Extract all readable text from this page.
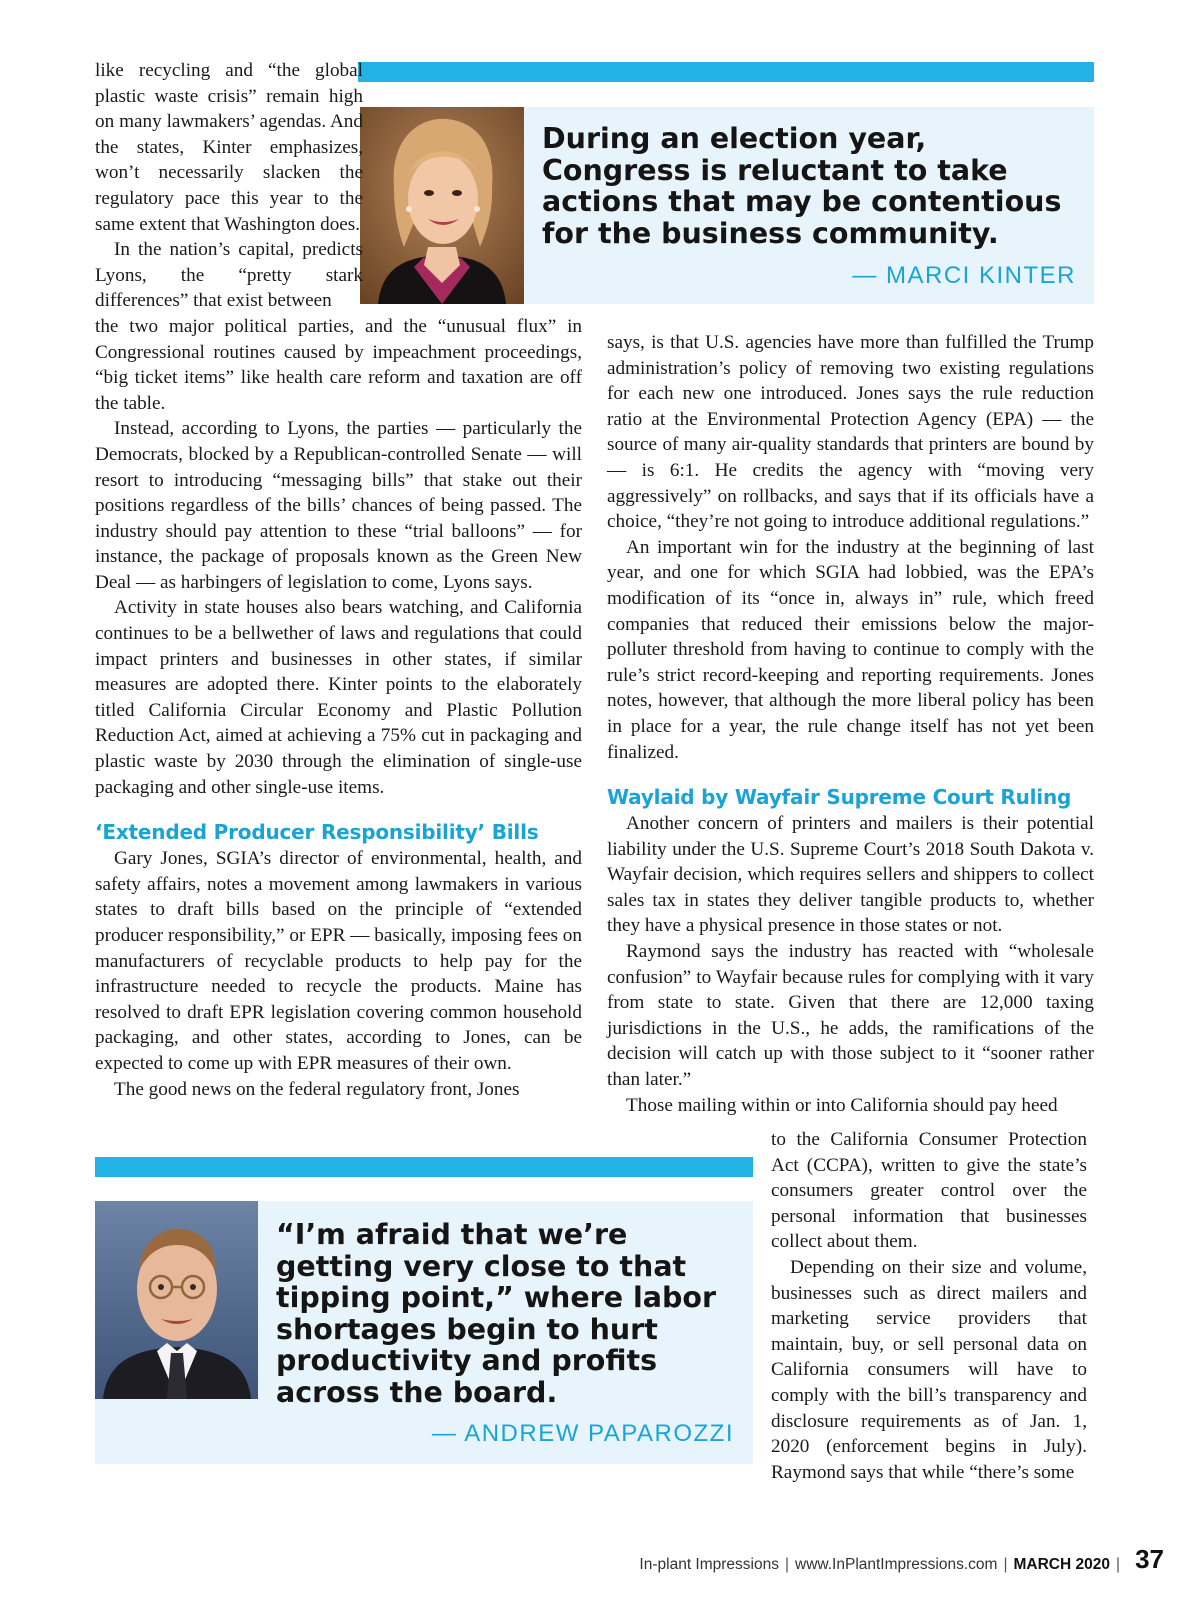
During an election year, Congress is reluctant to take actions that may be contentious for the business community.
— MARCI KINTER

like recycling and “the global plastic waste crisis” remain high on many lawmakers’ agendas. And the states, Kinter emphasizes, won’t necessarily slacken the regulatory pace this year to the same extent that Washington does.

In the nation’s capital, predicts Lyons, the “pretty stark differences” that exist between

the two major political parties, and the “unusual flux” in Congressional routines caused by impeachment proceedings, “big ticket items” like health care reform and taxation are off the table.

Instead, according to Lyons, the parties — particularly the Democrats, blocked by a Republican-controlled Senate — will resort to introducing “messaging bills” that stake out their positions regardless of the bills’ chances of being passed. The industry should pay attention to these “trial balloons” — for instance, the package of proposals known as the Green New Deal — as harbingers of legislation to come, Lyons says.

Activity in state houses also bears watching, and California continues to be a bellwether of laws and regulations that could impact printers and businesses in other states, if similar measures are adopted there. Kinter points to the elaborately titled California Circular Economy and Plastic Pollution Reduction Act, aimed at achieving a 75% cut in packaging and plastic waste by 2030 through the elimination of single-use packaging and other single-use items.

‘Extended Producer Responsibility’ Bills

Gary Jones, SGIA’s director of environmental, health, and safety affairs, notes a movement among lawmakers in various states to draft bills based on the principle of “extended producer responsibility,” or EPR — basically, imposing fees on manufacturers of recyclable products to help pay for the infrastructure needed to recycle the products. Maine has resolved to draft EPR legislation covering common household packaging, and other states, according to Jones, can be expected to come up with EPR measures of their own.

The good news on the federal regulatory front, Jones

says, is that U.S. agencies have more than fulfilled the Trump administration’s policy of removing two existing regulations for each new one introduced. Jones says the rule reduction ratio at the Environmental Protection Agency (EPA) — the source of many air-quality standards that printers are bound by — is 6:1. He credits the agency with “moving very aggressively” on rollbacks, and says that if its officials have a choice, “they’re not going to introduce additional regulations.”

An important win for the industry at the beginning of last year, and one for which SGIA had lobbied, was the EPA’s modification of its “once in, always in” rule, which freed companies that reduced their emissions below the major-polluter threshold from having to continue to comply with the rule’s strict record-keeping and reporting requirements. Jones notes, however, that although the more liberal policy has been in place for a year, the rule change itself has not yet been finalized.

Waylaid by Wayfair Supreme Court Ruling

Another concern of printers and mailers is their potential liability under the U.S. Supreme Court’s 2018 South Dakota v. Wayfair decision, which requires sellers and shippers to collect sales tax in states they deliver tangible products to, whether they have a physical presence in those states or not.

Raymond says the industry has reacted with “wholesale confusion” to Wayfair because rules for complying with it vary from state to state. Given that there are 12,000 taxing jurisdictions in the U.S., he adds, the ramifications of the decision will catch up with those subject to it “sooner rather than later.”

Those mailing within or into California should pay heed

to the California Consumer Protection Act (CCPA), written to give the state’s consumers greater control over the personal information that businesses collect about them.

Depending on their size and volume, businesses such as direct mailers and marketing service providers that maintain, buy, or sell personal data on California consumers will have to comply with the bill’s transparency and disclosure requirements as of Jan. 1, 2020 (enforcement begins in July). Raymond says that while “there’s some

“I’m afraid that we’re getting very close to that tipping point,” where labor shortages begin to hurt productivity and profits across the board.
— ANDREW PAPAROZZI
In-plant Impressions | www.InPlantImpressions.com | MARCH 2020 | 37
